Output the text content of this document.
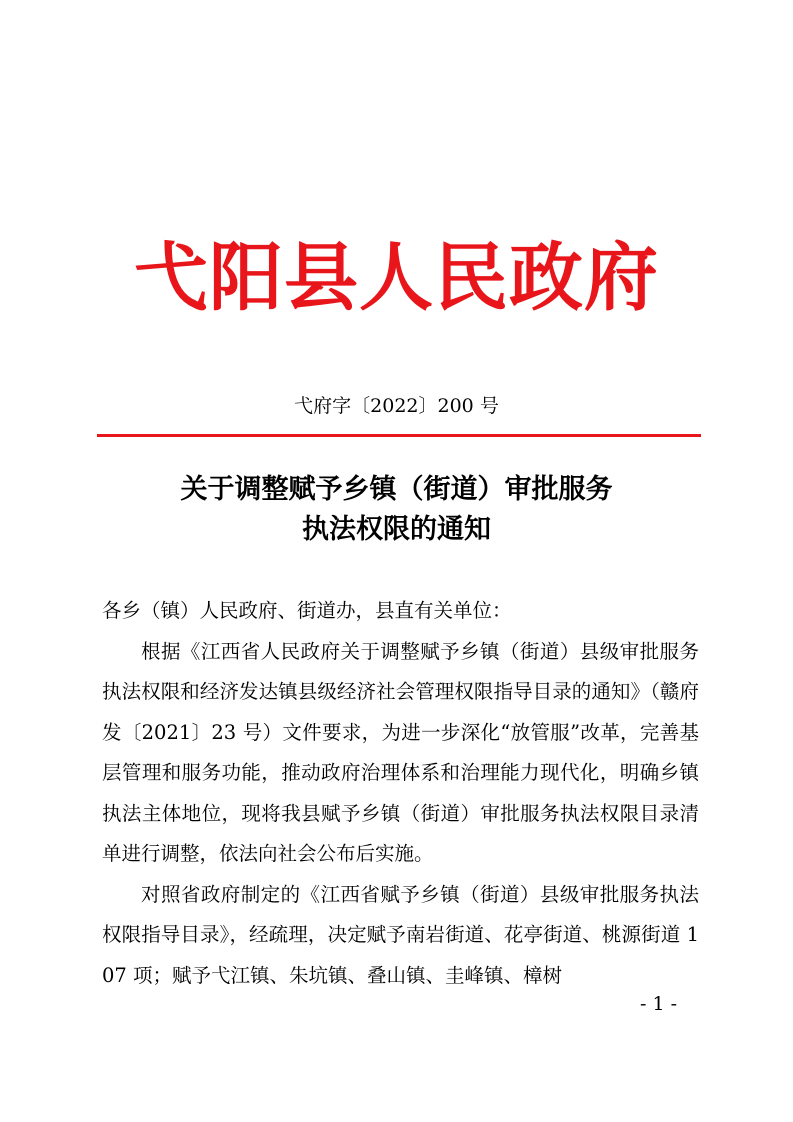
弋阳县人民政府
弋府字〔2022〕200 号
关于调整赋予乡镇（街道）审批服务
执法权限的通知
各乡（镇）人民政府、街道办，县直有关单位：

根据《江西省人民政府关于调整赋予乡镇（街道）县级审批服务执法权限和经济发达镇县级经济社会管理权限指导目录的通知》（赣府发〔2021〕23 号）文件要求，为进一步深化“放管服”改革，完善基层管理和服务功能，推动政府治理体系和治理能力现代化，明确乡镇执法主体地位，现将我县赋予乡镇（街道）审批服务执法权限目录清单进行调整，依法向社会公布后实施。

对照省政府制定的《江西省赋予乡镇（街道）县级审批服务执法权限指导目录》，经疏理，决定赋予南岩街道、花亭街道、桃源街道 107 项；赋予弋江镇、朱坑镇、叠山镇、圭峰镇、樟树

- 1 -
